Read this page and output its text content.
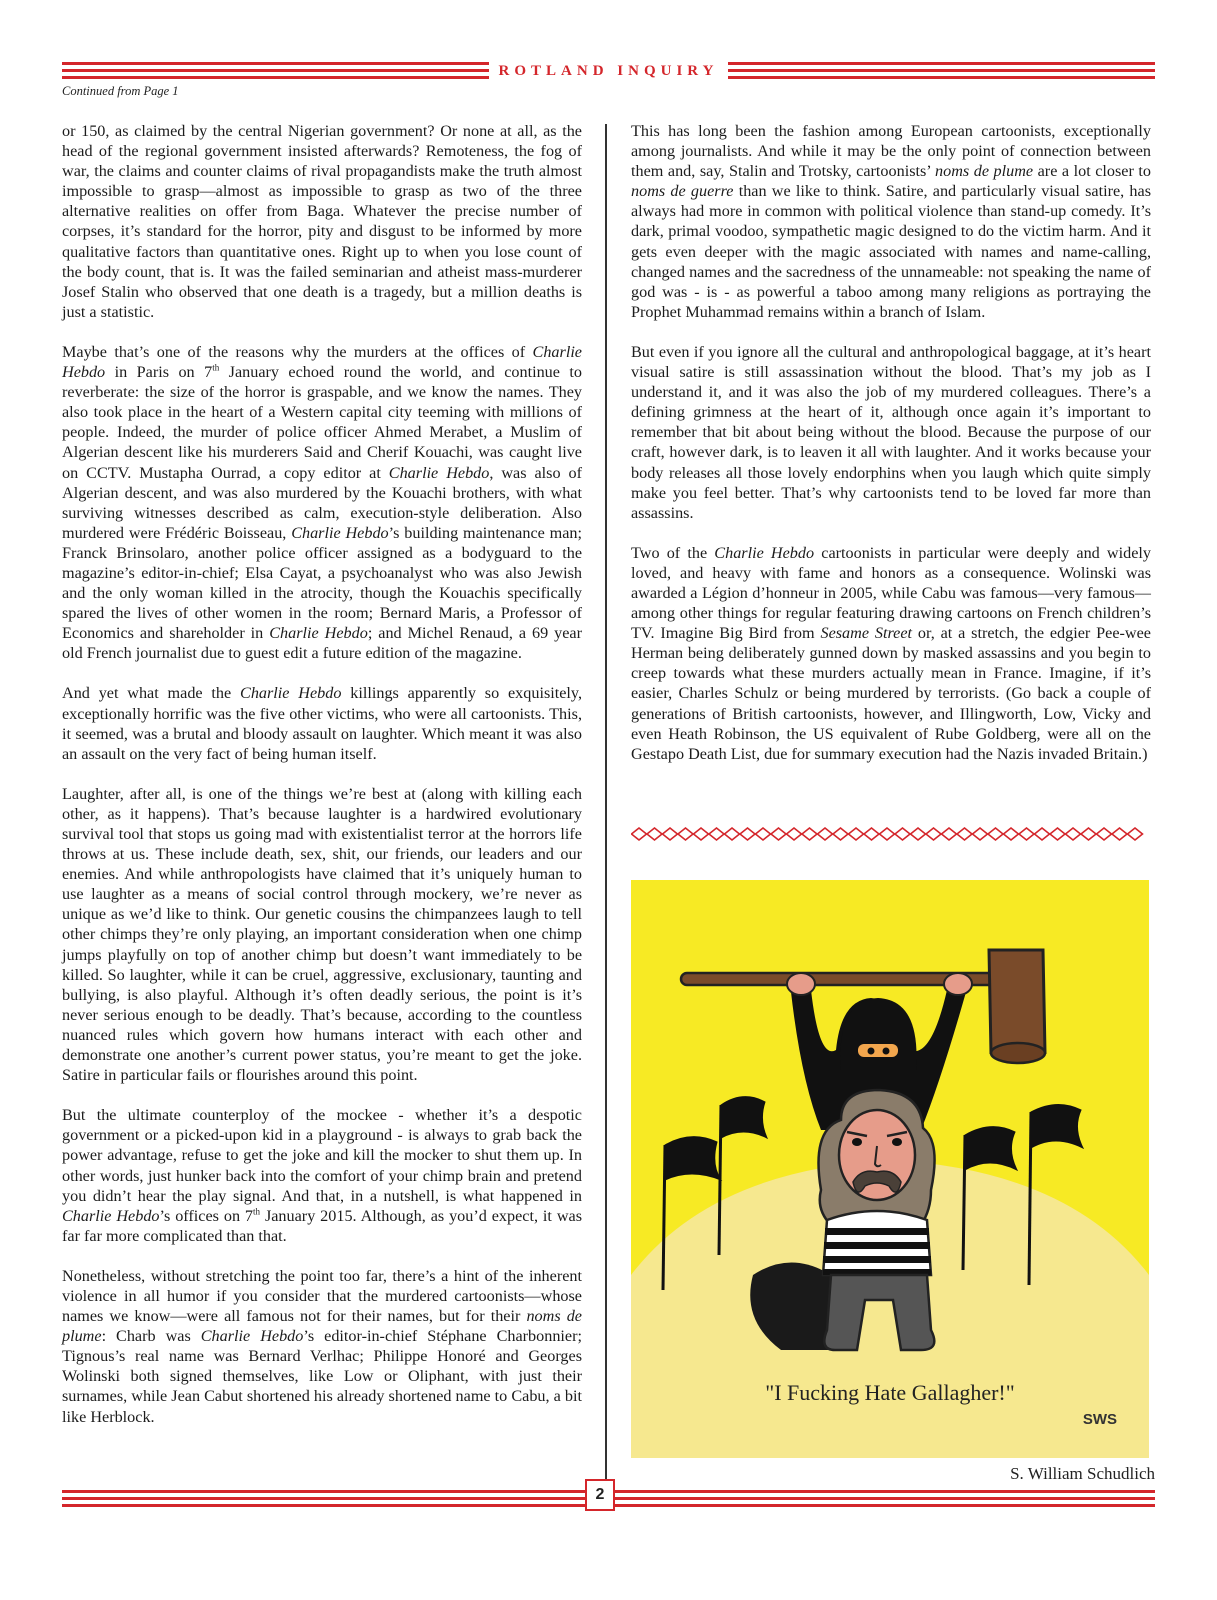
ROTLAND INQUIRY
Continued from Page 1

or 150, as claimed by the central Nigerian government? Or none at all, as the head of the regional government insisted afterwards? Remoteness, the fog of war, the claims and counter claims of rival propagandists make the truth almost impossible to grasp—almost as impossible to grasp as two of the three alternative realities on offer from Baga. Whatever the precise number of corpses, it’s standard for the horror, pity and disgust to be informed by more qualitative factors than quantitative ones. Right up to when you lose count of the body count, that is. It was the failed seminarian and atheist mass-murderer Josef Stalin who observed that one death is a tragedy, but a million deaths is just a statistic.

Maybe that’s one of the reasons why the murders at the offices of Charlie Hebdo in Paris on 7th January echoed round the world, and continue to reverberate: the size of the horror is graspable, and we know the names. They also took place in the heart of a Western capital city teeming with millions of people. Indeed, the murder of police officer Ahmed Merabet, a Muslim of Algerian descent like his murderers Said and Cherif Kouachi, was caught live on CCTV. Mustapha Ourrad, a copy editor at Charlie Hebdo, was also of Algerian descent, and was also murdered by the Kouachi brothers, with what surviving witnesses described as calm, execution-style deliberation. Also murdered were Frédéric Boisseau, Charlie Hebdo’s building maintenance man; Franck Brinsolaro, another police officer assigned as a bodyguard to the magazine’s editor-in-chief; Elsa Cayat, a psychoanalyst who was also Jewish and the only woman killed in the atrocity, though the Kouachis specifically spared the lives of other women in the room; Bernard Maris, a Professor of Economics and shareholder in Charlie Hebdo; and Michel Renaud, a 69 year old French journalist due to guest edit a future edition of the magazine.

And yet what made the Charlie Hebdo killings apparently so exquisitely, exceptionally horrific was the five other victims, who were all cartoonists. This, it seemed, was a brutal and bloody assault on laughter. Which meant it was also an assault on the very fact of being human itself.

Laughter, after all, is one of the things we’re best at (along with killing each other, as it happens). That’s because laughter is a hardwired evolutionary survival tool that stops us going mad with existentialist terror at the horrors life throws at us. These include death, sex, shit, our friends, our leaders and our enemies. And while anthropologists have claimed that it’s uniquely human to use laughter as a means of social control through mockery, we’re never as unique as we’d like to think. Our genetic cousins the chimpanzees laugh to tell other chimps they’re only playing, an important consideration when one chimp jumps playfully on top of another chimp but doesn’t want immediately to be killed. So laughter, while it can be cruel, aggressive, exclusionary, taunting and bullying, is also playful. Although it’s often deadly serious, the point is it’s never serious enough to be deadly. That’s because, according to the countless nuanced rules which govern how humans interact with each other and demonstrate one another’s current power status, you’re meant to get the joke. Satire in particular fails or flourishes around this point.

But the ultimate counterploy of the mockee - whether it’s a despotic government or a picked-upon kid in a playground - is always to grab back the power advantage, refuse to get the joke and kill the mocker to shut them up. In other words, just hunker back into the comfort of your chimp brain and pretend you didn’t hear the play signal. And that, in a nutshell, is what happened in Charlie Hebdo’s offices on 7th January 2015. Although, as you’d expect, it was far far more complicated than that.

Nonetheless, without stretching the point too far, there’s a hint of the inherent violence in all humor if you consider that the murdered cartoonists—whose names we know—were all famous not for their names, but for their noms de plume: Charb was Charlie Hebdo’s editor-in-chief Stéphane Charbonnier; Tignous’s real name was Bernard Verlhac; Philippe Honoré and Georges Wolinski both signed themselves, like Low or Oliphant, with just their surnames, while Jean Cabut shortened his already shortened name to Cabu, a bit like Herblock.

This has long been the fashion among European cartoonists, exceptionally among journalists. And while it may be the only point of connection between them and, say, Stalin and Trotsky, cartoonists’ noms de plume are a lot closer to noms de guerre than we like to think. Satire, and particularly visual satire, has always had more in common with political violence than stand-up comedy. It’s dark, primal voodoo, sympathetic magic designed to do the victim harm. And it gets even deeper with the magic associated with names and name-calling, changed names and the sacredness of the unnameable: not speaking the name of god was - is - as powerful a taboo among many religions as portraying the Prophet Muhammad remains within a branch of Islam.

But even if you ignore all the cultural and anthropological baggage, at it’s heart visual satire is still assassination without the blood. That’s my job as I understand it, and it was also the job of my murdered colleagues. There’s a defining grimness at the heart of it, although once again it’s important to remember that bit about being without the blood. Because the purpose of our craft, however dark, is to leaven it all with laughter. And it works because your body releases all those lovely endorphins when you laugh which quite simply make you feel better. That’s why cartoonists tend to be loved far more than assassins.

Two of the Charlie Hebdo cartoonists in particular were deeply and widely loved, and heavy with fame and honors as a consequence. Wolinski was awarded a Légion d’honneur in 2005, while Cabu was famous—very famous—among other things for regular featuring drawing cartoons on French children’s TV. Imagine Big Bird from Sesame Street or, at a stretch, the edgier Pee-wee Herman being deliberately gunned down by masked assassins and you begin to creep towards what these murders actually mean in France. Imagine, if it’s easier, Charles Schulz or being murdered by terrorists. (Go back a couple of generations of British cartoonists, however, and Illingworth, Low, Vicky and even Heath Robinson, the US equivalent of Rube Goldberg, were all on the Gestapo Death List, due for summary execution had the Nazis invaded Britain.)

"I Fucking Hate Gallagher!"
SWS
S. William Schudlich
2
